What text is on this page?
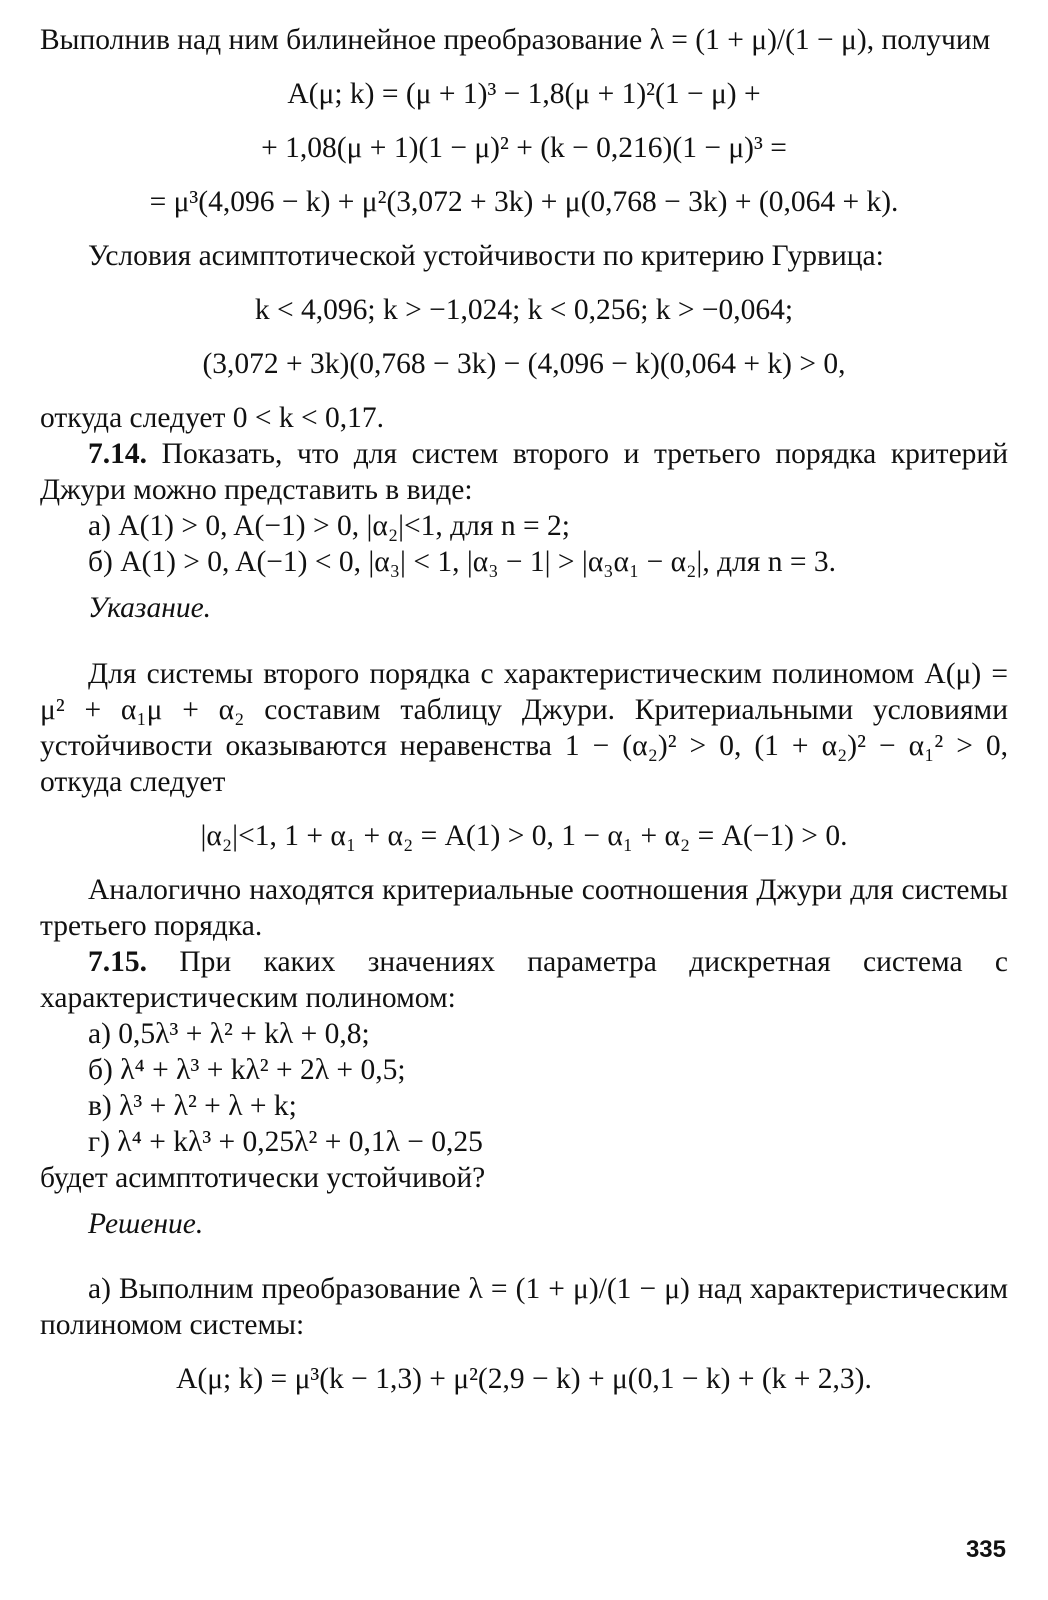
Выполнив над ним билинейное преобразование λ = (1 + μ)/(1 − μ), получим

A(μ; k) = (μ + 1)³ − 1,8(μ + 1)²(1 − μ) +

+ 1,08(μ + 1)(1 − μ)² + (k − 0,216)(1 − μ)³ =

= μ³(4,096 − k) + μ²(3,072 + 3k) + μ(0,768 − 3k) + (0,064 + k).

Условия асимптотической устойчивости по критерию Гурвица:

k < 4,096; k > −1,024; k < 0,256; k > −0,064;

(3,072 + 3k)(0,768 − 3k) − (4,096 − k)(0,064 + k) > 0,

откуда следует 0 < k < 0,17.

7.14. Показать, что для систем второго и третьего порядка критерий Джури можно представить в виде:

а) A(1) > 0, A(−1) > 0, |α₂|<1, для n = 2;

б) A(1) > 0, A(−1) < 0, |α₃| < 1, |α₃ − 1| > |α₃α₁ − α₂|, для n = 3.

Указание.

Для системы второго порядка с характеристическим полиномом A(μ) = μ² + α₁μ + α₂ составим таблицу Джури. Критериальными условиями устойчивости оказываются неравенства 1 − (α₂)² > 0, (1 + α₂)² − α₁² > 0, откуда следует

|α₂|<1, 1 + α₁ + α₂ = A(1) > 0, 1 − α₁ + α₂ = A(−1) > 0.

Аналогично находятся критериальные соотношения Джури для системы третьего порядка.

7.15. При каких значениях параметра дискретная система с характеристическим полиномом:

а) 0,5λ³ + λ² + kλ + 0,8;

б) λ⁴ + λ³ + kλ² + 2λ + 0,5;

в) λ³ + λ² + λ + k;

г) λ⁴ + kλ³ + 0,25λ² + 0,1λ − 0,25

будет асимптотически устойчивой?

Решение.

а) Выполним преобразование λ = (1 + μ)/(1 − μ) над характеристическим полиномом системы:

A(μ; k) = μ³(k − 1,3) + μ²(2,9 − k) + μ(0,1 − k) + (k + 2,3).

335
